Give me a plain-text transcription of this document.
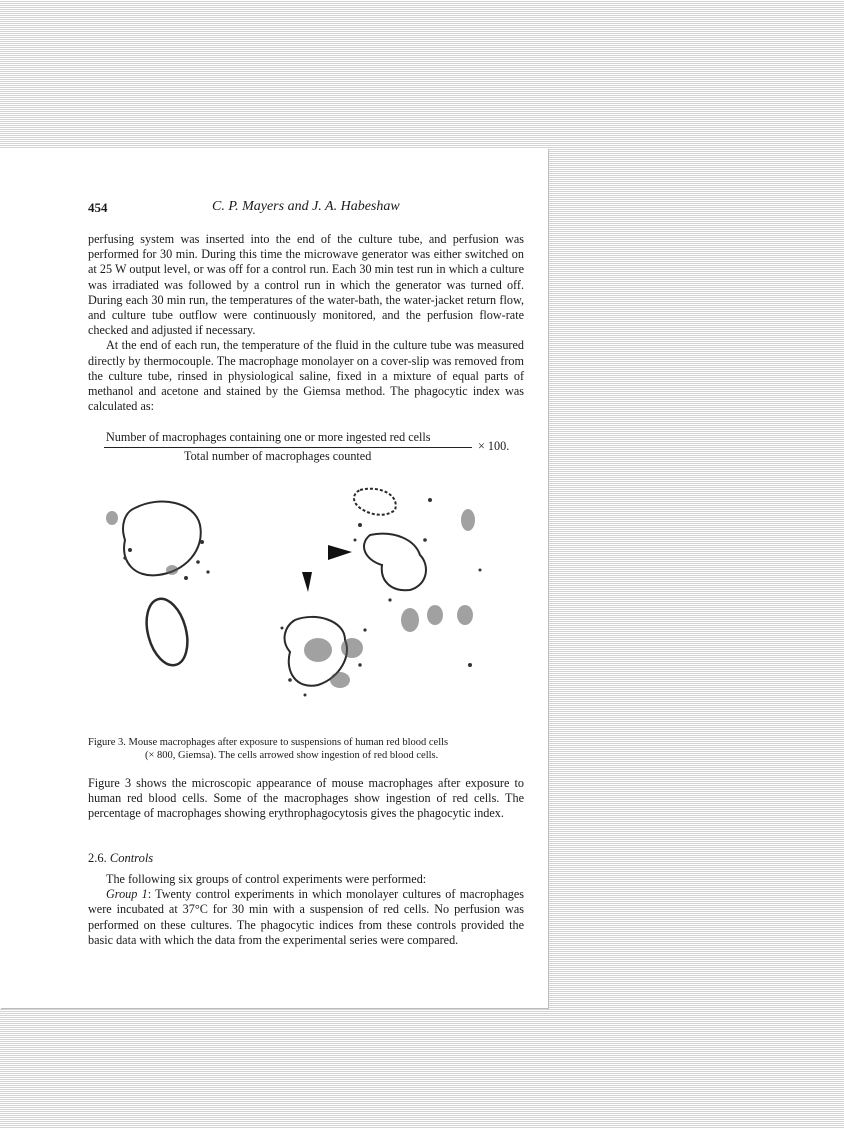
454	C. P. Mayers and J. A. Habeshaw

perfusing system was inserted into the end of the culture tube, and perfusion was performed for 30 min. During this time the microwave generator was either switched on at 25 W output level, or was off for a control run. Each 30 min test run in which a culture was irradiated was followed by a control run in which the generator was turned off. During each 30 min run, the temperatures of the water-bath, the water-jacket return flow, and culture tube outflow were continuously monitored, and the perfusion flow-rate checked and adjusted if necessary.

At the end of each run, the temperature of the fluid in the culture tube was measured directly by thermocouple. The macrophage monolayer on a cover-slip was removed from the culture tube, rinsed in physiological saline, fixed in a mixture of equal parts of methanol and acetone and stained by the Giemsa method. The phagocytic index was calculated as:

Number of macrophages containing one or more ingested red cells
Total number of macrophages counted
× 100.
Figure 3. Mouse macrophages after exposure to suspensions of human red blood cells
(× 800, Giemsa). The cells arrowed show ingestion of red blood cells.

Figure 3 shows the microscopic appearance of mouse macrophages after exposure to human red blood cells. Some of the macrophages show ingestion of red cells. The percentage of macrophages showing erythrophagocytosis gives the phagocytic index.

2.6. Controls

The following six groups of control experiments were performed:

Group 1: Twenty control experiments in which monolayer cultures of macrophages were incubated at 37°C for 30 min with a suspension of red cells. No perfusion was performed on these cultures. The phagocytic indices from these controls provided the basic data with which the data from the experimental series were compared.
